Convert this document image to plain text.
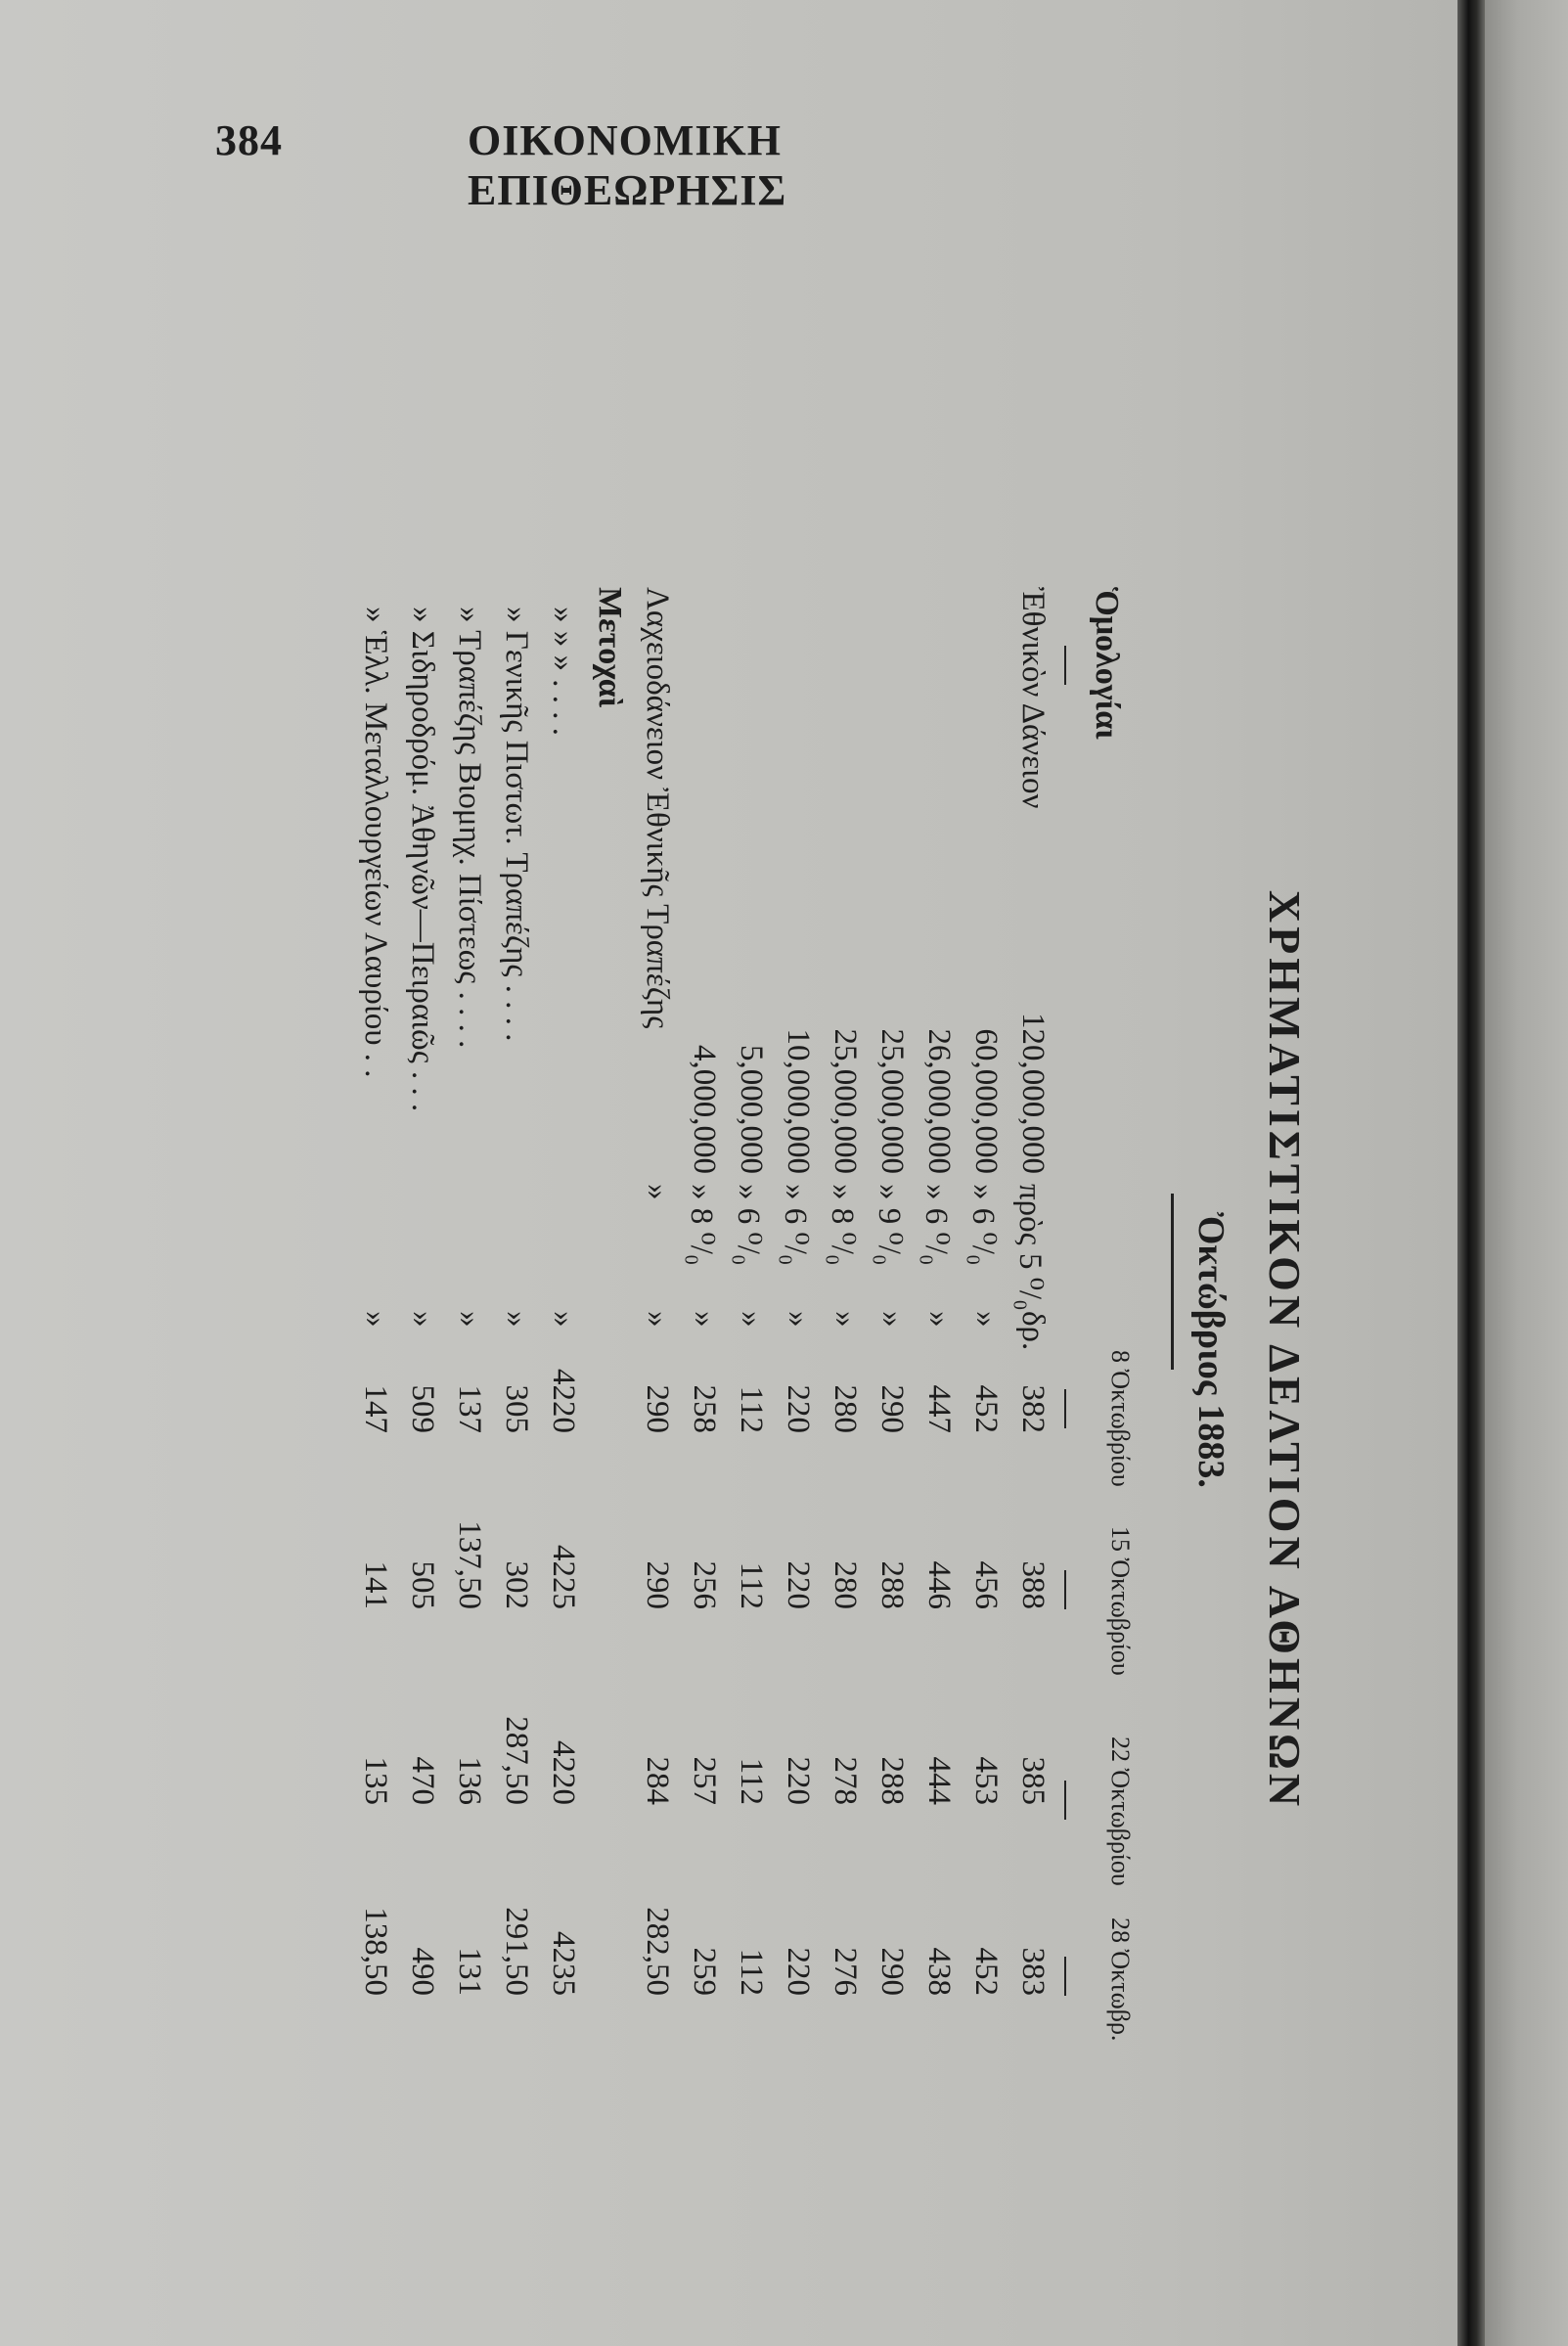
384	ΟΙΚΟΝΟΜΙΚΗ ΕΠΙΘΕΩΡΗΣΙΣ
ΧΡΗΜΑΤΙΣΤΙΚΟΝ ΔΕΛΤΙΟΝ ΑΘΗΝΩΝ
Ὀκτώβριος 1883.
Ὁμολογίαι
8 Ὀκτωβρίου
15 Ὀκτωβρίου
22 Ὀκτωβρίου
28 Ὀκτωβρ.
Ἐθνικὸν Δάνειον
120,000,000
πρὸς 5 ⁰/₀
δρ.
382
388
385
383
60,000,000
» 6 ⁰/₀
»
452
456
453
452
26,000,000
» 6 ⁰/₀
»
447
446
444
438
25,000,000
» 9 ⁰/₀
»
290
288
288
290
25,000,000
» 8 ⁰/₀
»
280
280
278
276
10,000,000
» 6 ⁰/₀
»
220
220
220
220
5,000,000
» 6 ⁰/₀
»
112
112
112
112
4,000,000
» 8 ⁰/₀
»
258
256
257
259
Λαχειοδάνειον Ἐθνικῆς Τραπέζης
»
»
290
290
284
282,50
Μετοχαὶ
» » » . . . .
»
4220
4225
4220
4235
» Γενικῆς Πιστωτ. Τραπέζης . . . .
»
305
302
287,50
291,50
» Τραπέζης Βιομηχ. Πίστεως . . . .
»
137
137,50
136
131
» Σιδηροδρόμ. Ἀθηνῶν—Πειραιῶς . . .
»
509
505
470
490
» Ἑλλ. Μεταλλουργείων Λαυρίου . .
»
147
141
135
138,50
